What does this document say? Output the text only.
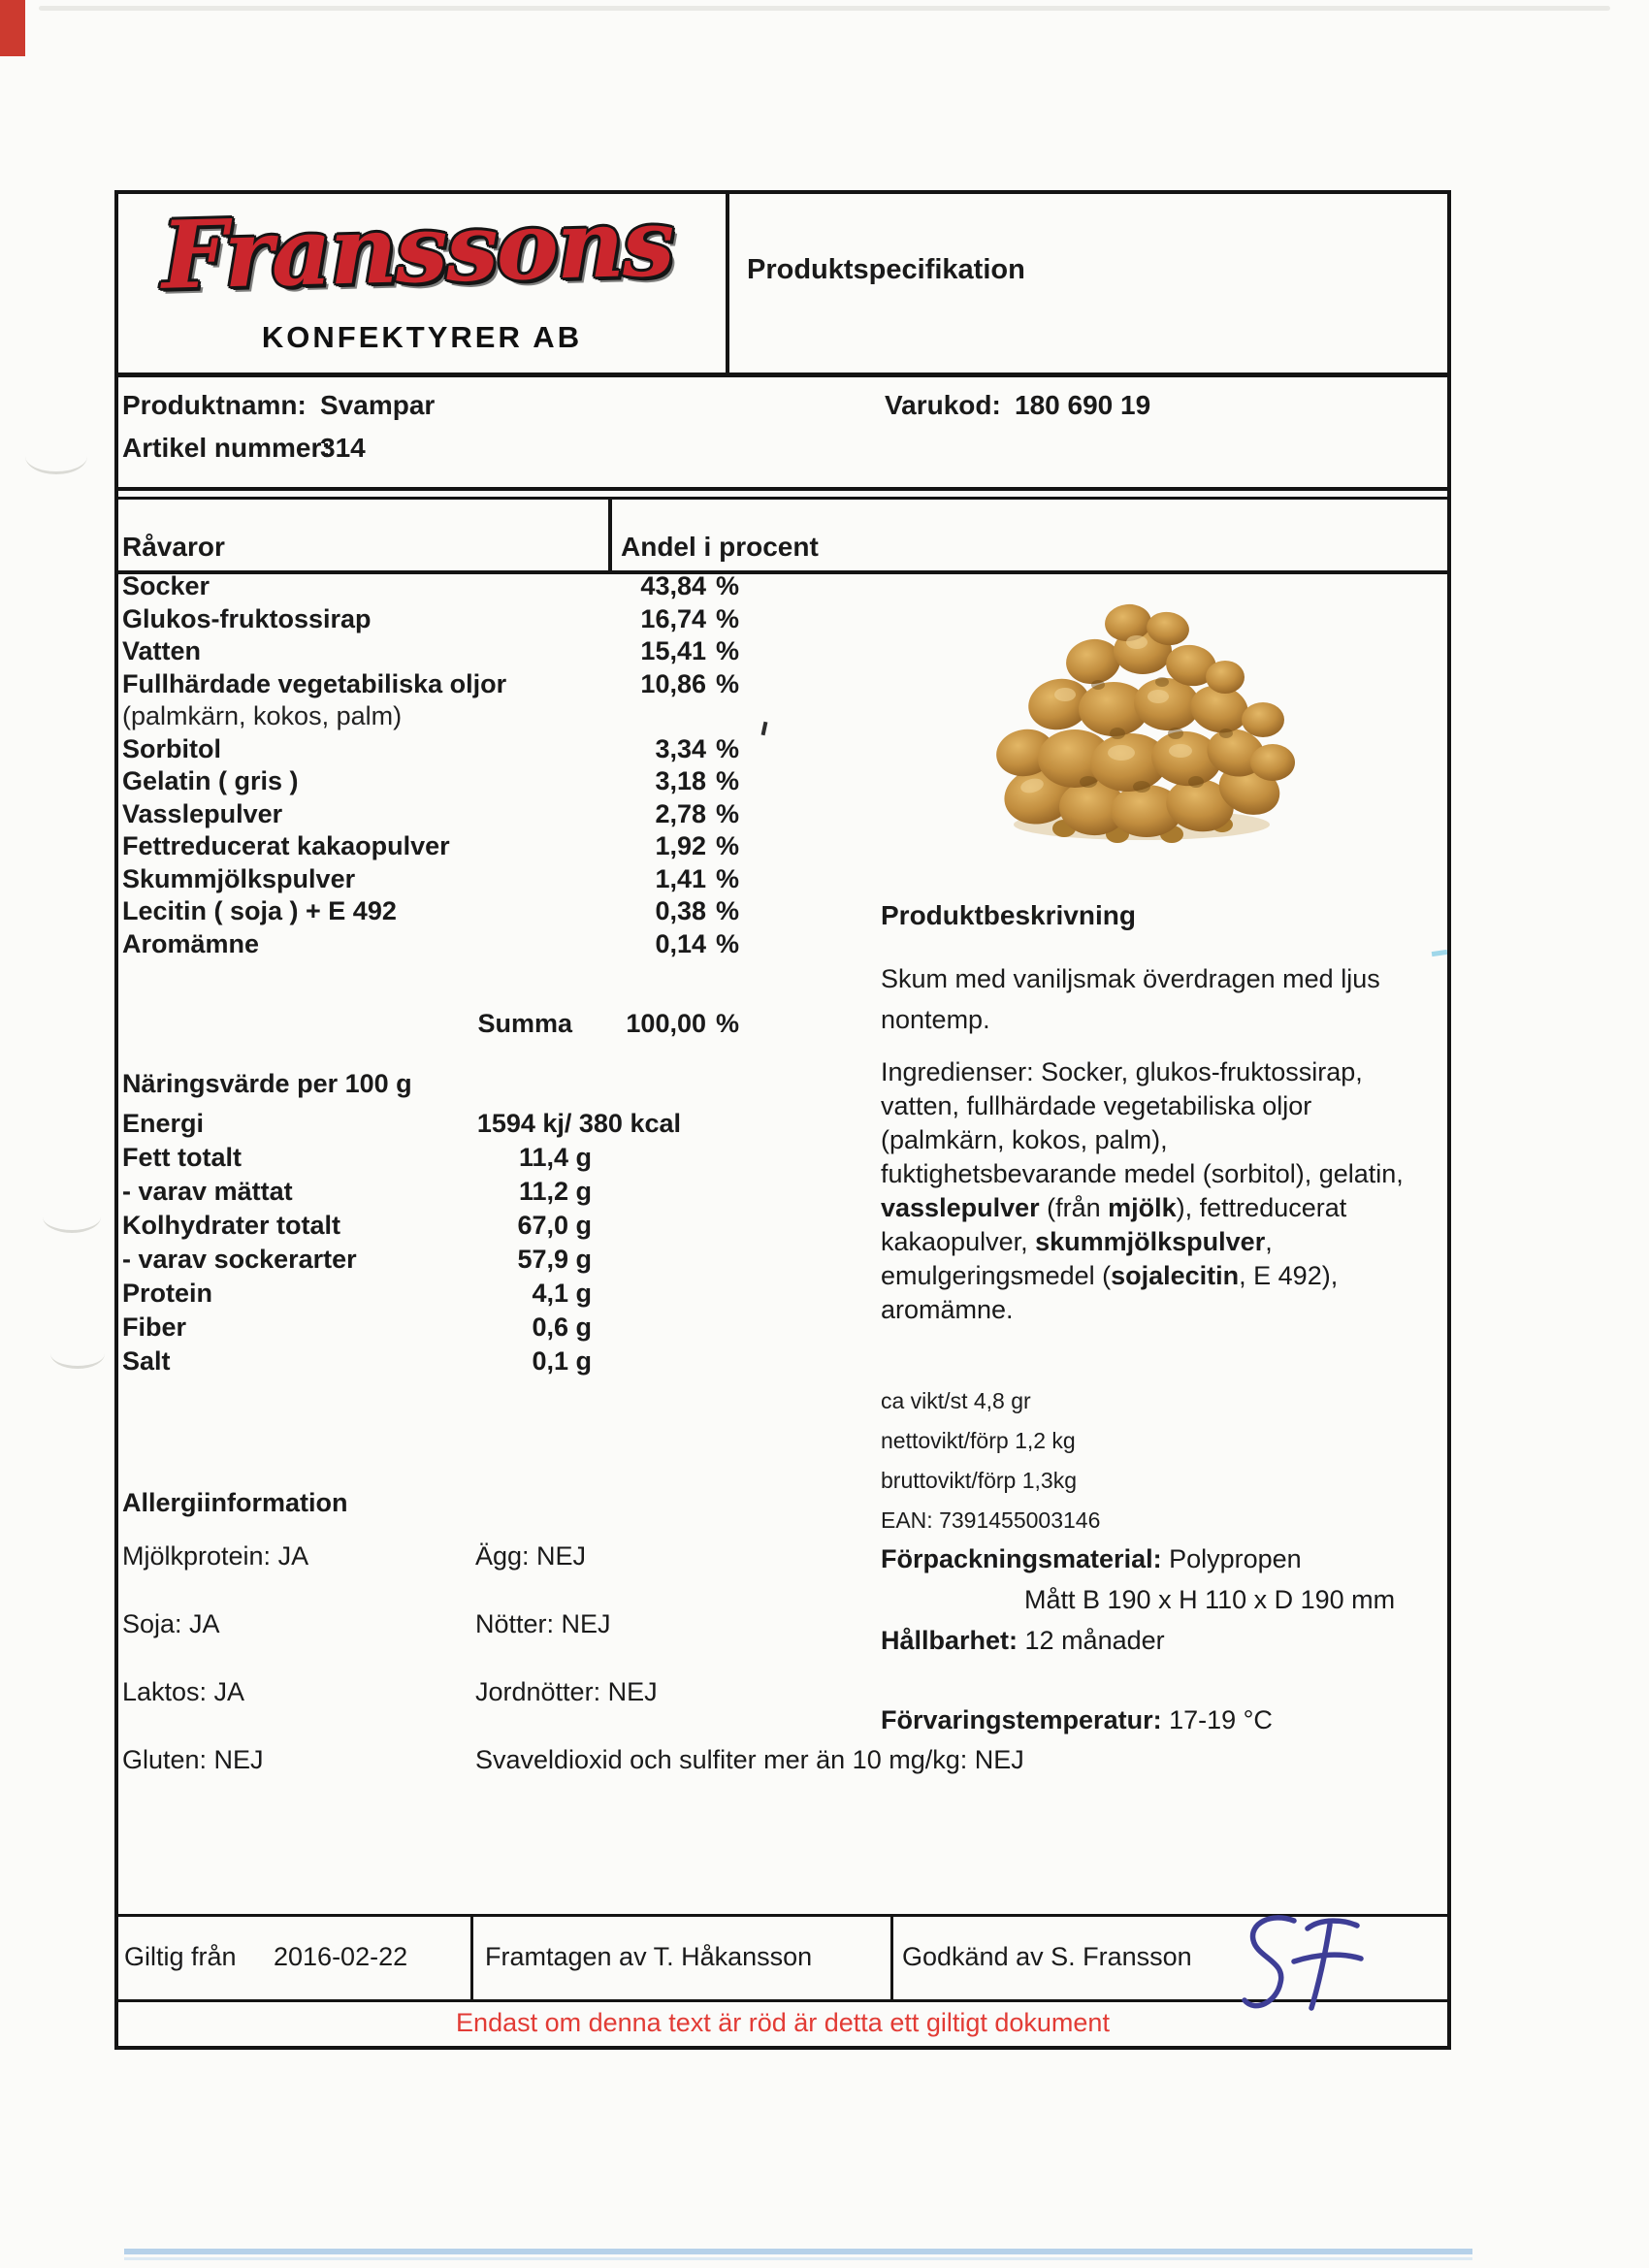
Franssons
KONFEKTYRER AB
Produktspecifikation
Produktnamn: Svampar	Varukod: 180 690 19
Artikel nummer:
314
Råvaror	Andel i procent
Socker	43,84 %
Glukos-fruktossirap	16,74 %
Vatten	15,41 %
Fullhärdade vegetabiliska oljor	10,86 %
(palmkärn, kokos, palm)
Sorbitol	3,34 %
Gelatin ( gris )	3,18 %
Vasslepulver	2,78 %
Fettreducerat kakaopulver	1,92 %
Skummjölkspulver	1,41 %
Lecitin ( soja ) + E 492	0,38 %
Aromämne	0,14 %
Summa	100,00 %
Näringsvärde per 100 g
Energi	1594 kj/ 380 kcal
Fett totalt	11,4 g
- varav mättat	11,2 g
Kolhydrater totalt	67,0 g
- varav sockerarter	57,9 g
Protein	4,1 g
Fiber	0,6 g
Salt	0,1 g
Allergiinformation
Mjölkprotein: JA	Ägg: NEJ
Soja: JA	Nötter: NEJ
Laktos: JA	Jordnötter: NEJ
Gluten: NEJ	Svaveldioxid och sulfiter mer än 10 mg/kg: NEJ
Produktbeskrivning
Skum med vaniljsmak överdragen med ljus
nontemp.
Ingredienser: Socker, glukos-fruktossirap,
vatten, fullhärdade vegetabiliska oljor
(palmkärn, kokos, palm),
fuktighetsbevarande medel (sorbitol), gelatin,
vasslepulver (från mjölk), fettreducerat
kakaopulver, skummjölkspulver,
emulgeringsmedel (sojalecitin, E 492),
aromämne.
ca vikt/st 4,8 gr
nettovikt/förp 1,2 kg
bruttovikt/förp 1,3kg
EAN: 7391455003146
Förpackningsmaterial: Polypropen
Mått B 190 x H 110 x D 190 mm
Hållbarhet: 12 månader
Förvaringstemperatur: 17-19 °C
Giltig från 2016-02-22	Framtagen av T. Håkansson	Godkänd av S. Fransson
Endast om denna text är röd är detta ett giltigt dokument
